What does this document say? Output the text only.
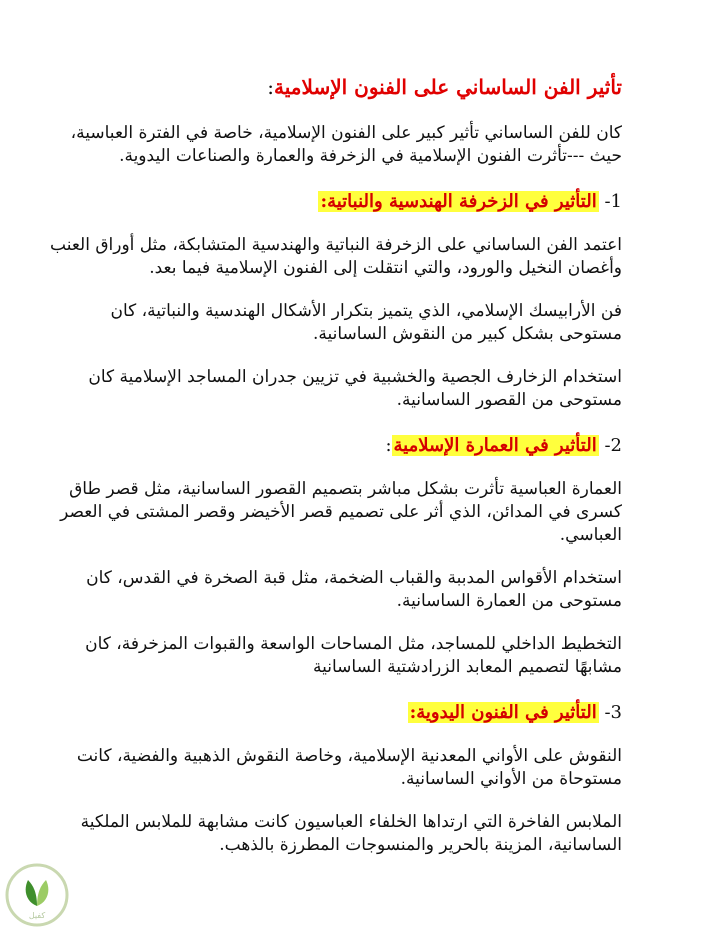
تأثير الفن الساساني على الفنون الإسلامية:

كان للفن الساساني تأثير كبير على الفنون الإسلامية، خاصة في الفترة العباسية، حيث ---تأثرت الفنون الإسلامية في الزخرفة والعمارة والصناعات اليدوية.

1- التأثير في الزخرفة الهندسية والنباتية:

اعتمد الفن الساساني على الزخرفة النباتية والهندسية المتشابكة، مثل أوراق العنب وأغصان النخيل والورود، والتي انتقلت إلى الفنون الإسلامية فيما بعد.

فن الأرابيسك الإسلامي، الذي يتميز بتكرار الأشكال الهندسية والنباتية، كان مستوحى بشكل كبير من النقوش الساسانية.

استخدام الزخارف الجصية والخشبية في تزيين جدران المساجد الإسلامية كان مستوحى من القصور الساسانية.

2- التأثير في العمارة الإسلامية:

العمارة العباسية تأثرت بشكل مباشر بتصميم القصور الساسانية، مثل قصر طاق كسرى في المدائن، الذي أثر على تصميم قصر الأخيضر وقصر المشتى في العصر العباسي.

استخدام الأقواس المدببة والقباب الضخمة، مثل قبة الصخرة في القدس، كان مستوحى من العمارة الساسانية.

التخطيط الداخلي للمساجد، مثل المساحات الواسعة والقبوات المزخرفة، كان مشابهًا لتصميم المعابد الزرادشتية الساسانية

3- التأثير في الفنون اليدوية:

النقوش على الأواني المعدنية الإسلامية، وخاصة النقوش الذهبية والفضية، كانت مستوحاة من الأواني الساسانية.

الملابس الفاخرة التي ارتداها الخلفاء العباسيون كانت مشابهة للملابس الملكية الساسانية، المزينة بالحرير والمنسوجات المطرزة بالذهب.

كفيل
